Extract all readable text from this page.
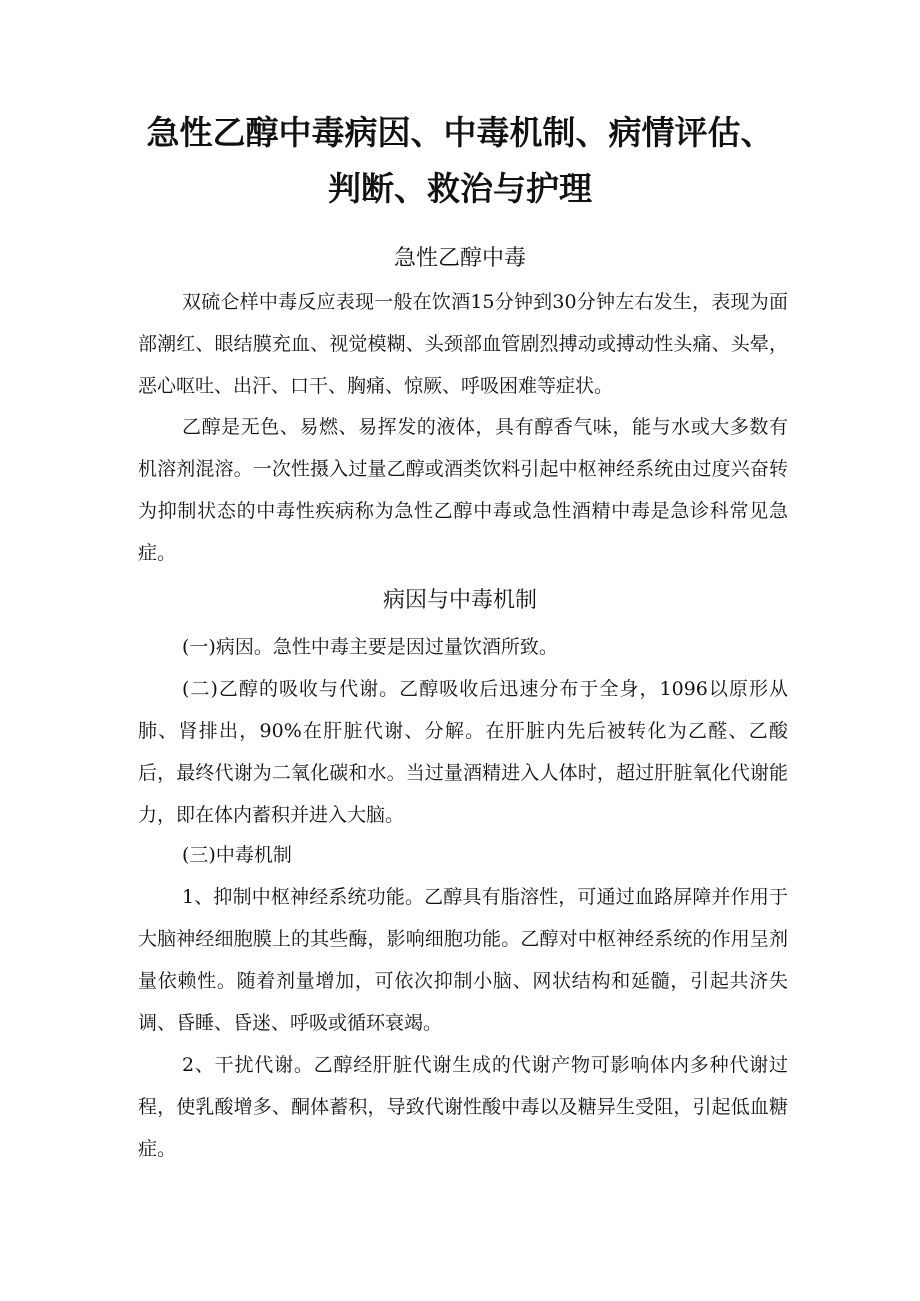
急性乙醇中毒病因、中毒机制、病情评估、
判断、救治与护理
急性乙醇中毒

双硫仑样中毒反应表现一般在饮酒15分钟到30分钟左右发生，表现为面部潮红、眼结膜充血、视觉模糊、头颈部血管剧烈搏动或搏动性头痛、头晕，恶心呕吐、出汗、口干、胸痛、惊厥、呼吸困难等症状。

乙醇是无色、易燃、易挥发的液体，具有醇香气味，能与水或大多数有机溶剂混溶。一次性摄入过量乙醇或酒类饮料引起中枢神经系统由过度兴奋转为抑制状态的中毒性疾病称为急性乙醇中毒或急性酒精中毒是急诊科常见急症。

病因与中毒机制

(一)病因。急性中毒主要是因过量饮酒所致。

(二)乙醇的吸收与代谢。乙醇吸收后迅速分布于全身，1096以原形从肺、肾排出，90%在肝脏代谢、分解。在肝脏内先后被转化为乙醛、乙酸后，最终代谢为二氧化碳和水。当过量酒精进入人体时，超过肝脏氧化代谢能力，即在体内蓄积并进入大脑。

(三)中毒机制

1、抑制中枢神经系统功能。乙醇具有脂溶性，可通过血路屏障并作用于大脑神经细胞膜上的其些酶，影响细胞功能。乙醇对中枢神经系统的作用呈剂量依赖性。随着剂量增加，可依次抑制小脑、网状结构和延髓，引起共济失调、昏睡、昏迷、呼吸或循环衰竭。

2、干扰代谢。乙醇经肝脏代谢生成的代谢产物可影响体内多种代谢过程，使乳酸增多、酮体蓄积，导致代谢性酸中毒以及糖异生受阻，引起低血糖症。
